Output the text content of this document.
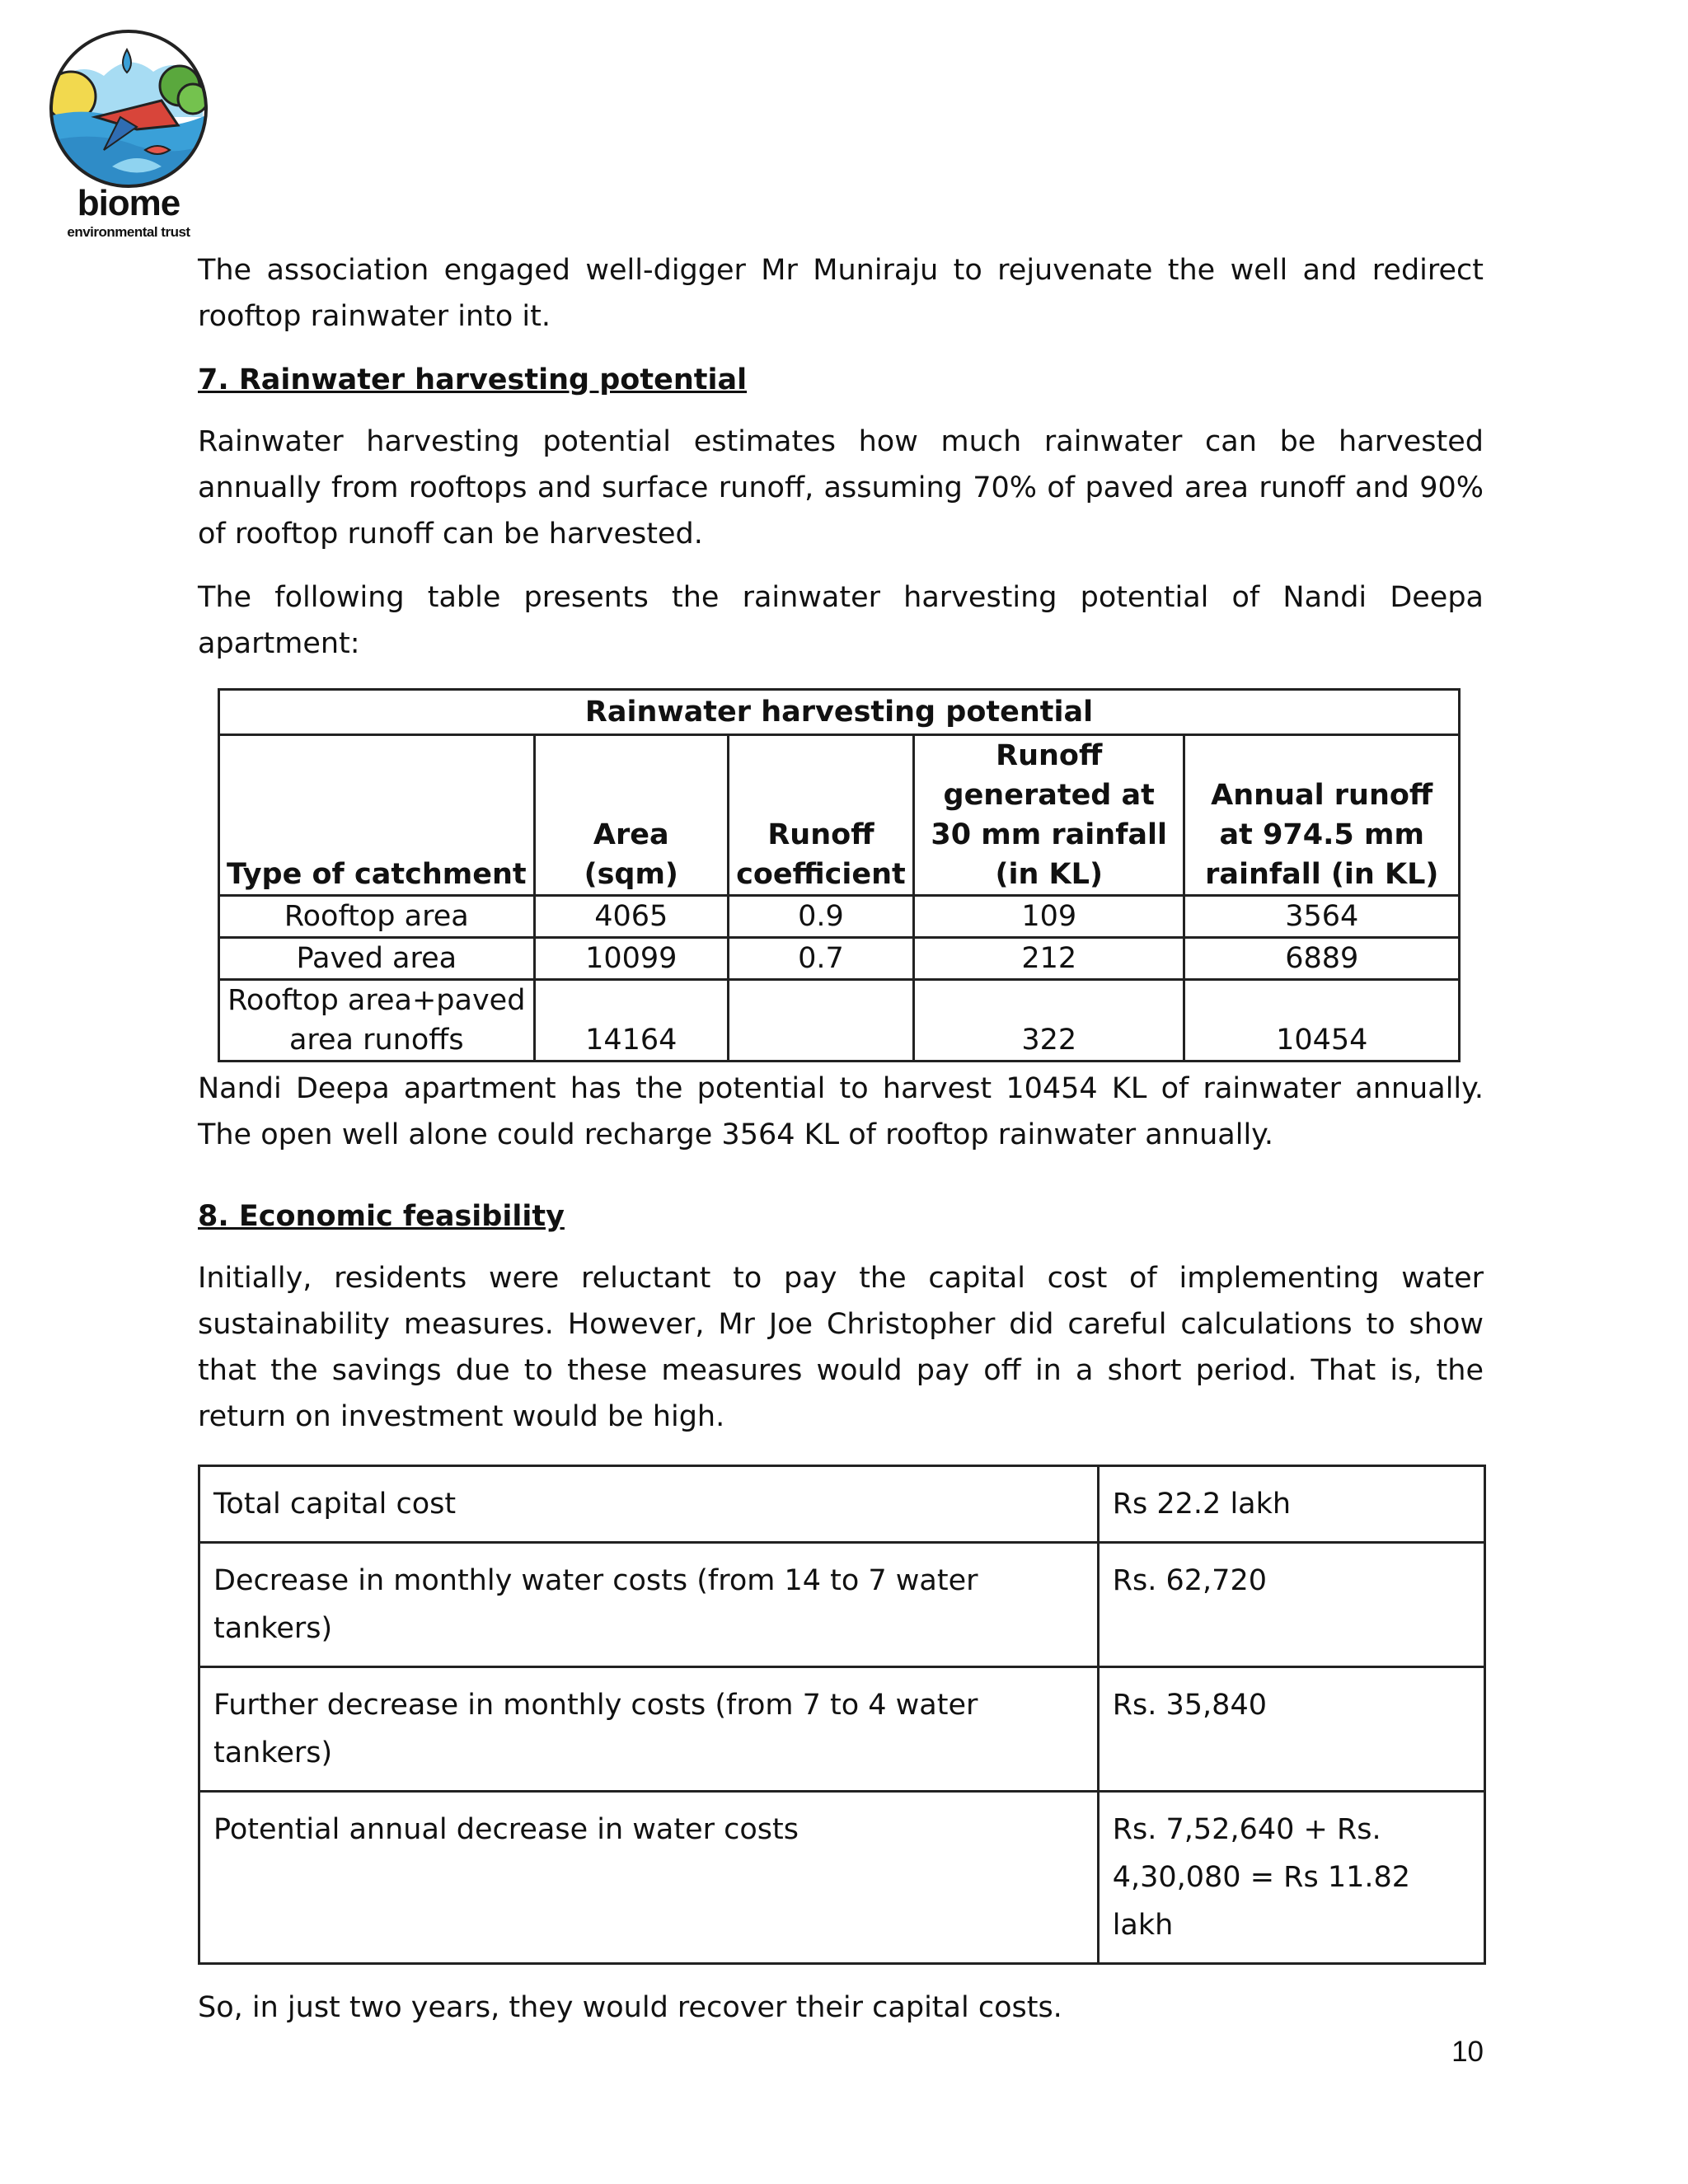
biome
environmental trust

The association engaged well-digger Mr Muniraju to rejuvenate the well and redirect rooftop rainwater into it.

7. Rainwater harvesting potential

Rainwater harvesting potential estimates how much rainwater can be harvested annually from rooftops and surface runoff, assuming 70% of paved area runoff and 90% of rooftop runoff can be harvested.

The following table presents the rainwater harvesting potential of Nandi Deepa apartment:

Rainwater harvesting potential				
Type of catchment	Area (sqm)	Runoff coefficient	Runoff generated at 30 mm rainfall (in KL)	Annual runoff at 974.5 mm rainfall (in KL)
Rooftop area	4065	0.9	109	3564
Paved area	10099	0.7	212	6889
Rooftop area+paved area runoffs	14164		322	10454

Nandi Deepa apartment has the potential to harvest 10454 KL of rainwater annually. The open well alone could recharge 3564 KL of rooftop rainwater annually.

8. Economic feasibility

Initially, residents were reluctant to pay the capital cost of implementing water sustainability measures. However, Mr Joe Christopher did careful calculations to show that the savings due to these measures would pay off in a short period. That is, the return on investment would be high.

Total capital cost	Rs 22.2 lakh
Decrease in monthly water costs (from 14 to 7 water tankers)	Rs. 62,720
Further decrease in monthly costs (from 7 to 4 water tankers)	Rs. 35,840
Potential annual decrease in water costs	Rs. 7,52,640 + Rs. 4,30,080 = Rs 11.82 lakh

So, in just two years, they would recover their capital costs.

10
